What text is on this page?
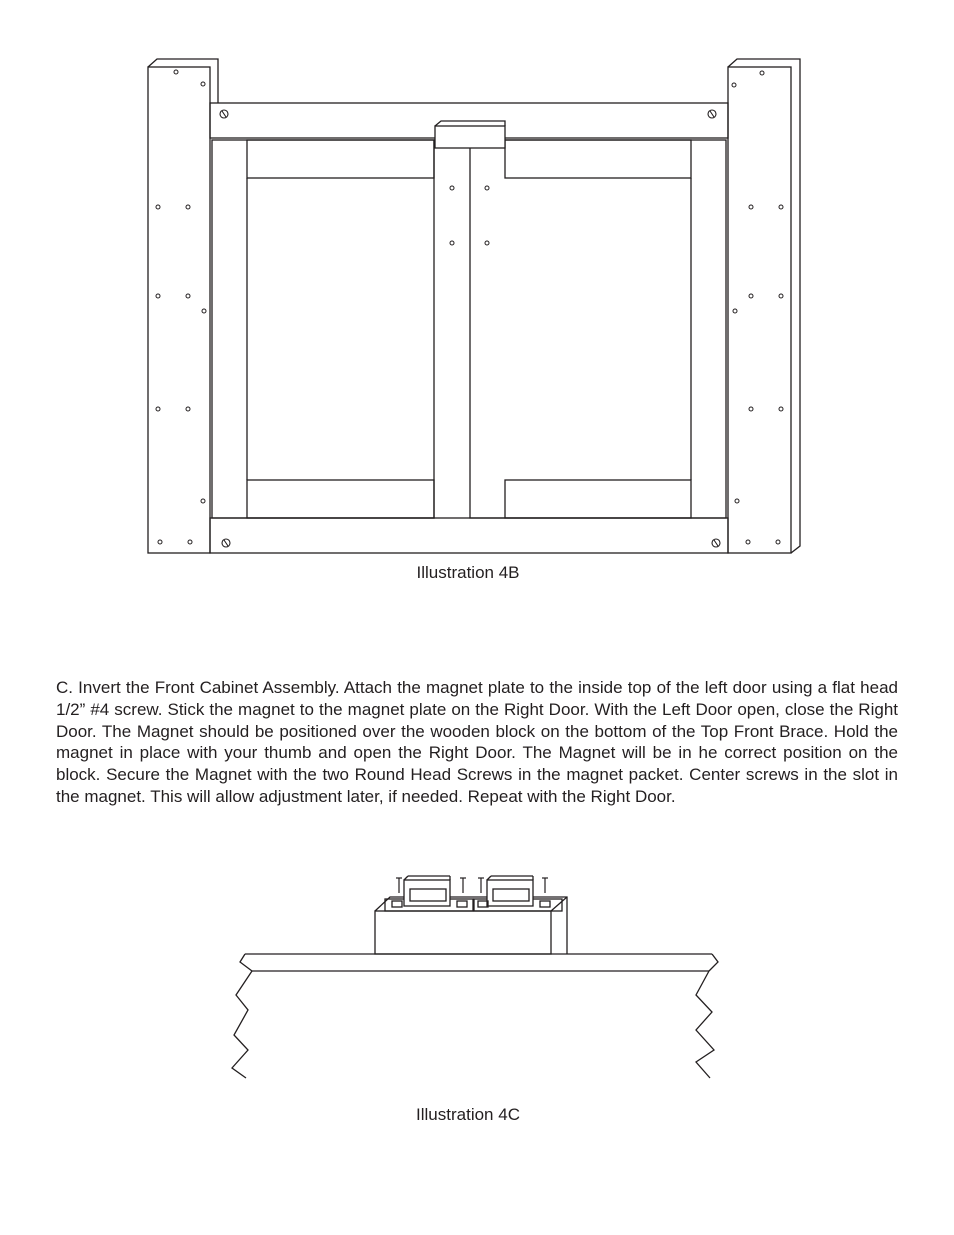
Illustration 4B

C. Invert the Front Cabinet Assembly. Attach the magnet plate to the inside top of the left door using a flat head 1/2” #4 screw. Stick the magnet to the magnet plate on the Right Door. With the Left Door open, close the Right Door. The Magnet should be positioned over the wooden block on the bottom of the Top Front Brace. Hold the magnet in place with your thumb and open the Right Door. The Magnet will be in he correct position on the block. Secure the Magnet with the two Round Head Screws in the magnet packet. Center screws in the slot in the magnet. This will allow adjustment later, if needed. Repeat with the Right Door.

Illustration 4C
